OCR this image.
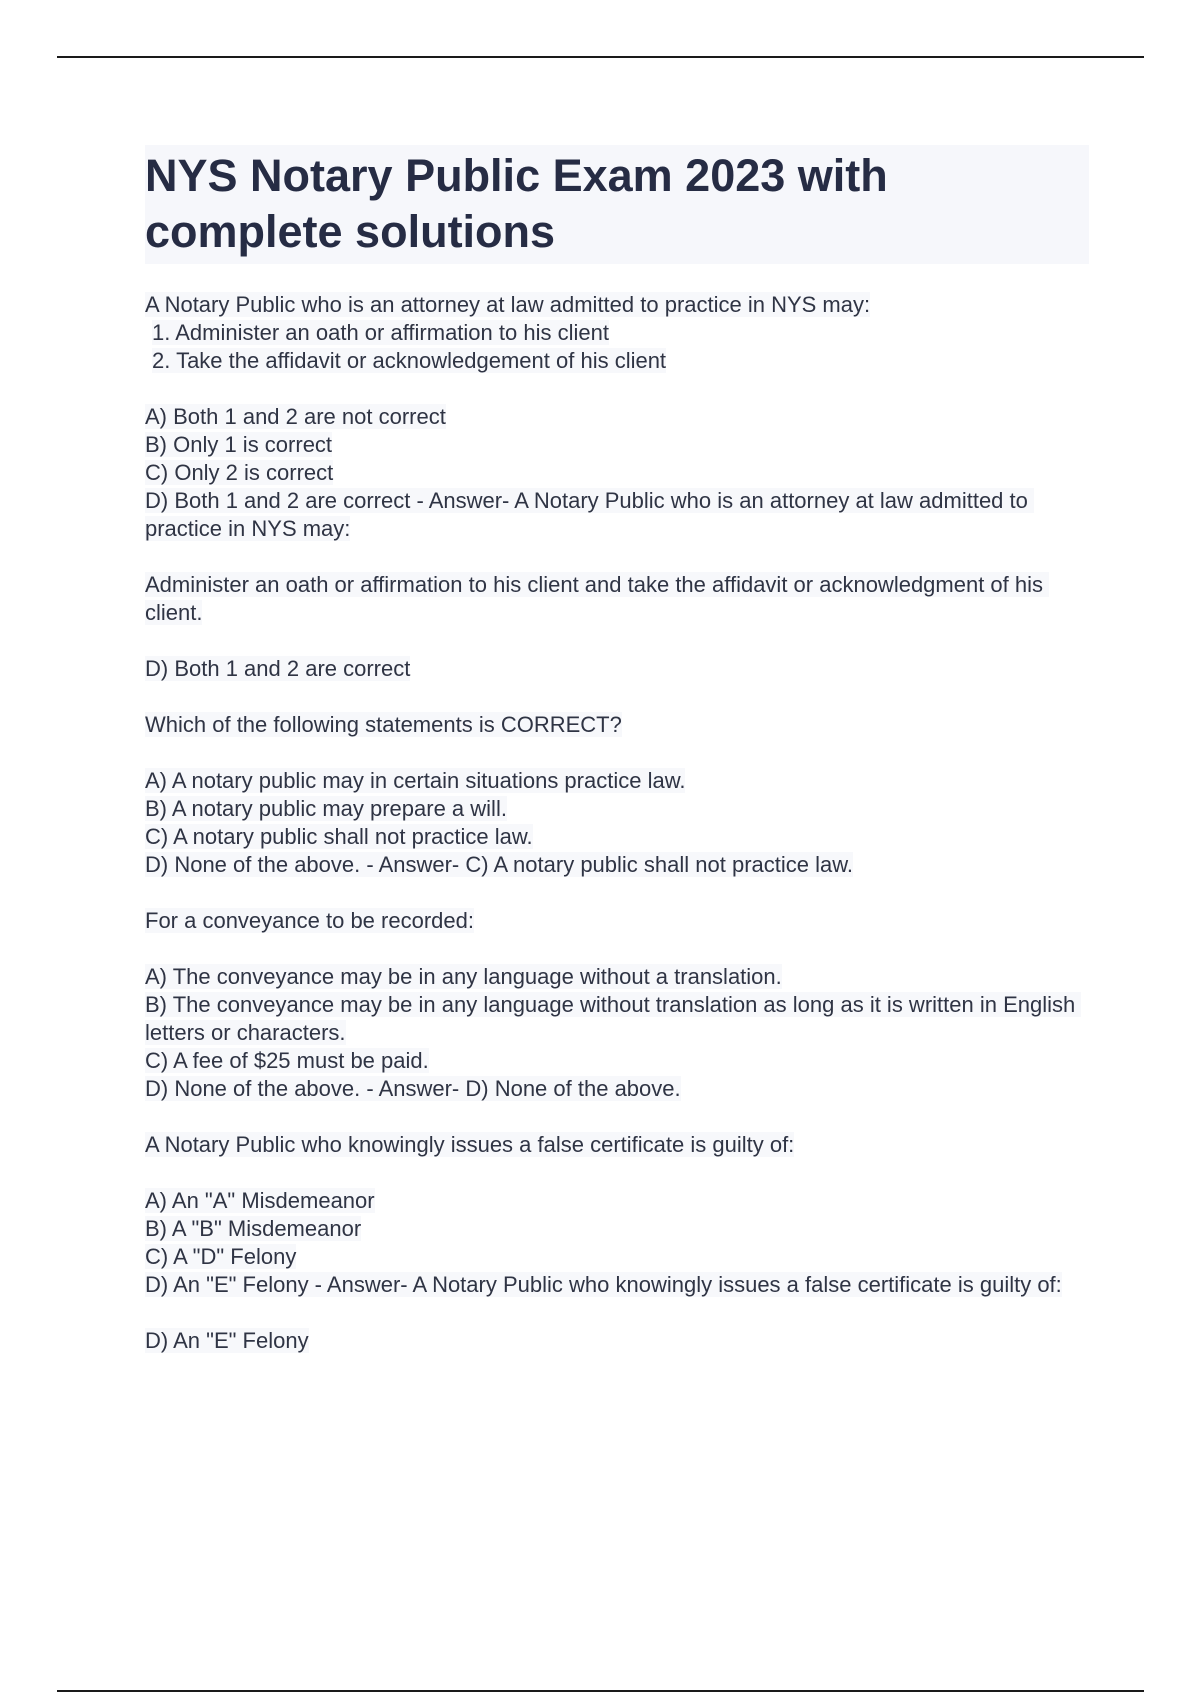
NYS Notary Public Exam 2023 with complete solutions
A Notary Public who is an attorney at law admitted to practice in NYS may:
1. Administer an oath or affirmation to his client
2. Take the affidavit or acknowledgement of his client
A) Both 1 and 2 are not correct
B) Only 1 is correct
C) Only 2 is correct
D) Both 1 and 2 are correct - Answer- A Notary Public who is an attorney at law admitted to practice in NYS may:
Administer an oath or affirmation to his client and take the affidavit or acknowledgment of his client.
D) Both 1 and 2 are correct
Which of the following statements is CORRECT?
A) A notary public may in certain situations practice law.
B) A notary public may prepare a will.
C) A notary public shall not practice law.
D) None of the above. - Answer- C) A notary public shall not practice law.
For a conveyance to be recorded:
A) The conveyance may be in any language without a translation.
B) The conveyance may be in any language without translation as long as it is written in English letters or characters.
C) A fee of $25 must be paid.
D) None of the above. - Answer- D) None of the above.
A Notary Public who knowingly issues a false certificate is guilty of:
A) An "A" Misdemeanor
B) A "B" Misdemeanor
C) A "D" Felony
D) An "E" Felony - Answer- A Notary Public who knowingly issues a false certificate is guilty of:
D) An "E" Felony
